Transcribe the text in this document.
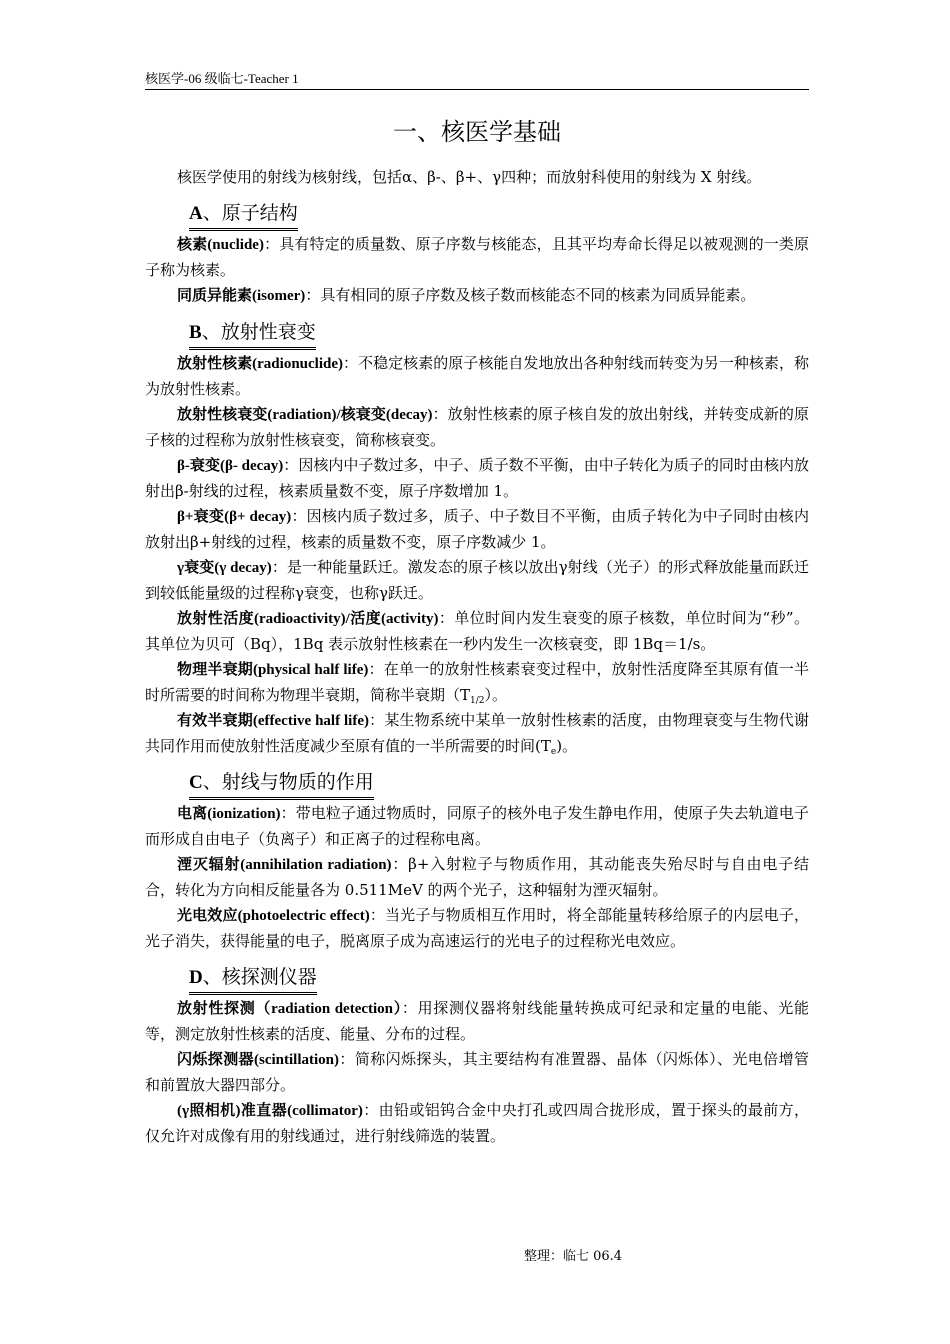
核医学-06 级临七-Teacher 1
一、核医学基础

核医学使用的射线为核射线，包括α、β-、β+、γ四种；而放射科使用的射线为 X 射线。

A、原子结构

核素(nuclide)：具有特定的质量数、原子序数与核能态，且其平均寿命长得足以被观测的一类原子称为核素。

同质异能素(isomer)：具有相同的原子序数及核子数而核能态不同的核素为同质异能素。

B、放射性衰变

放射性核素(radionuclide)：不稳定核素的原子核能自发地放出各种射线而转变为另一种核素，称为放射性核素。

放射性核衰变(radiation)/核衰变(decay)：放射性核素的原子核自发的放出射线，并转变成新的原子核的过程称为放射性核衰变，简称核衰变。

β-衰变(β- decay)：因核内中子数过多，中子、质子数不平衡，由中子转化为质子的同时由核内放射出β-射线的过程，核素质量数不变，原子序数增加 1。

β+衰变(β+ decay)：因核内质子数过多，质子、中子数目不平衡，由质子转化为中子同时由核内放射出β+射线的过程，核素的质量数不变，原子序数减少 1。

γ衰变(γ decay)：是一种能量跃迁。激发态的原子核以放出γ射线（光子）的形式释放能量而跃迁到较低能量级的过程称γ衰变，也称γ跃迁。

放射性活度(radioactivity)/活度(activity)：单位时间内发生衰变的原子核数，单位时间为“秒”。其单位为贝可（Bq），1Bq 表示放射性核素在一秒内发生一次核衰变，即 1Bq＝1/s。

物理半衰期(physical half life)：在单一的放射性核素衰变过程中，放射性活度降至其原有值一半时所需要的时间称为物理半衰期，简称半衰期$(T_{1/2})$。

有效半衰期(effective half life)：某生物系统中某单一放射性核素的活度，由物理衰变与生物代谢共同作用而使放射性活度减少至原有值的一半所需要的时间$(T_e)$。

C、射线与物质的作用

电离(ionization)：带电粒子通过物质时，同原子的核外电子发生静电作用，使原子失去轨道电子而形成自由电子（负离子）和正离子的过程称电离。

湮灭辐射(annihilation radiation)：β+入射粒子与物质作用，其动能丧失殆尽时与自由电子结合，转化为方向相反能量各为 0.511MeV 的两个光子，这种辐射为湮灭辐射。

光电效应(photoelectric effect)：当光子与物质相互作用时，将全部能量转移给原子的内层电子，光子消失，获得能量的电子，脱离原子成为高速运行的光电子的过程称光电效应。

D、核探测仪器

放射性探测（radiation detection）：用探测仪器将射线能量转换成可纪录和定量的电能、光能等，测定放射性核素的活度、能量、分布的过程。

闪烁探测器(scintillation)：简称闪烁探头，其主要结构有准置器、晶体（闪烁体）、光电倍增管和前置放大器四部分。

(γ照相机)准直器(collimator)：由铅或铝钨合金中央打孔或四周合拢形成，置于探头的最前方，仅允许对成像有用的射线通过，进行射线筛选的装置。

整理：临七 06.4
